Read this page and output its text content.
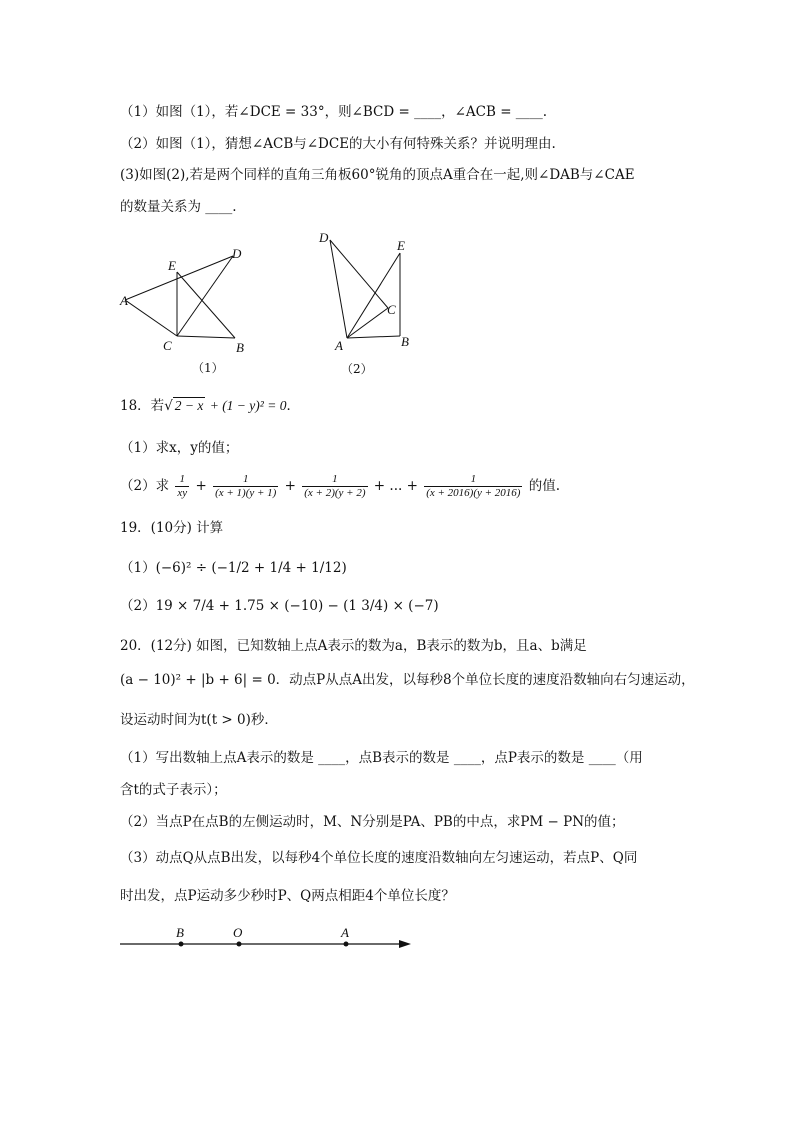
（1）如图（1），若∠DCE = 33°，则∠BCD = ____，∠ACB = ____.
（2）如图（1），猜想∠ACB与∠DCE的大小有何特殊关系？并说明理由.
(3)如图(2),若是两个同样的直角三角板60°锐角的顶点A重合在一起,则∠DAB与∠CAE
的数量关系为 ____.
A
E
D
C	B
（1）
D
E
C
A	B
（2）
18．若√ 2 − x + (1 − y)² = 0．
（1）求x，y的值；
（2）求 $\frac{1}{xy} + \frac{1}{(x + 1)(y + 1)} + \frac{1}{(x + 2)(y + 2)}$ + ... + $\frac{1}{(x + 2016)(y + 2016)}$ 的值.
19．(10分) 计算
（1）(−6)² ÷ (−1/2 + 1/4 + 1/12)
（2）19 × 7/4 + 1.75 × (−10) − (1 3/4) × (−7)
20．(12分) 如图，已知数轴上点A表示的数为a，B表示的数为b，且a、b满足
(a − 10)² + |b + 6| = 0．动点P从点A出发，以每秒8个单位长度的速度沿数轴向右匀速运动，
设运动时间为t(t > 0)秒．
（1）写出数轴上点A表示的数是 ____，点B表示的数是 ____，点P表示的数是 ____（用
含t的式子表示）；
（2）当点P在点B的左侧运动时，M、N分别是PA、PB的中点，求PM − PN的值；
（3）动点Q从点B出发，以每秒4个单位长度的速度沿数轴向左匀速运动，若点P、Q同
时出发，点P运动多少秒时P、Q两点相距4个单位长度？
B	O	A
